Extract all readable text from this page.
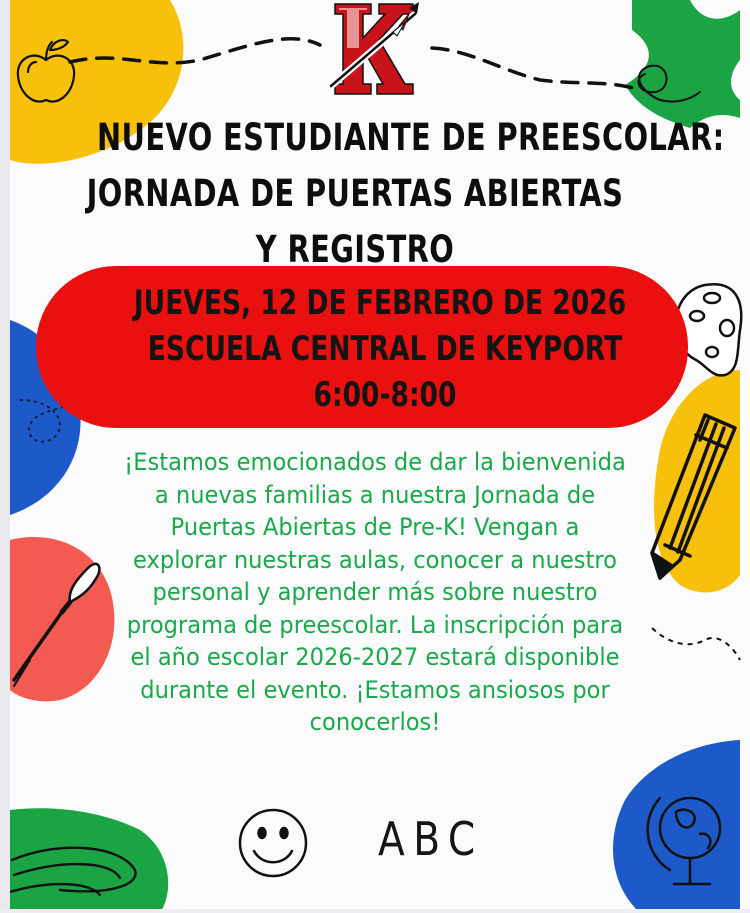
NUEVO ESTUDIANTE DE PREESCOLAR:
JORNADA DE PUERTAS ABIERTAS
Y REGISTRO
JUEVES, 12 DE FEBRERO DE 2026
ESCUELA CENTRAL DE KEYPORT
6:00-8:00

¡Estamos emocionados de dar la bienvenida a nuevas familias a nuestra Jornada de Puertas Abiertas de Pre-K! Vengan a explorar nuestras aulas, conocer a nuestro personal y aprender más sobre nuestro programa de preescolar. La inscripción para el año escolar 2026-2027 estará disponible durante el evento. ¡Estamos ansiosos por conocerlos!

ABC
